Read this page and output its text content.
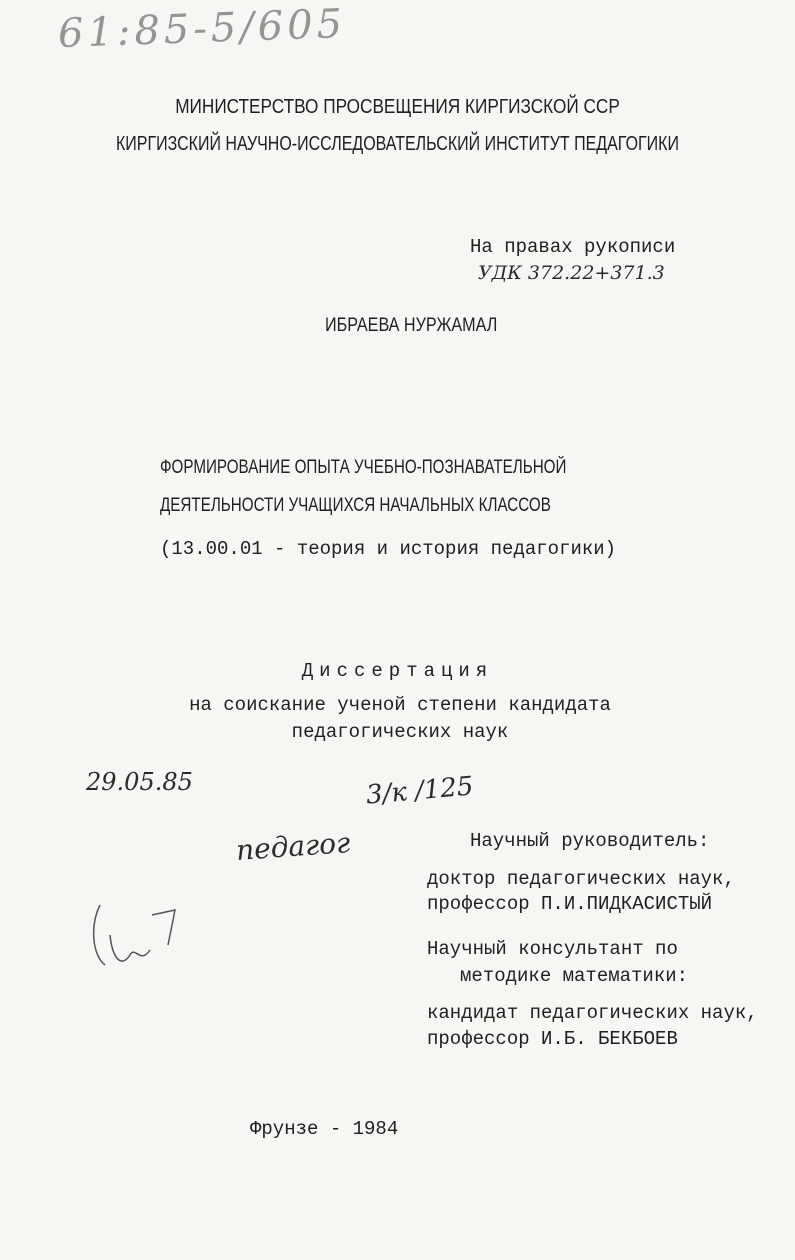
61:85-5/605
29.05.85	3/к /125
педагог
МИНИСТЕРСТВО ПРОСВЕЩЕНИЯ КИРГИЗСКОЙ ССР
КИРГИЗСКИЙ НАУЧНО-ИССЛЕДОВАТЕЛЬСКИЙ ИНСТИТУТ ПЕДАГОГИКИ
На правах рукописи
УДК 372.22+371.3
ИБРАЕВА НУРЖАМАЛ
ФОРМИРОВАНИЕ ОПЫТА УЧЕБНО-ПОЗНАВАТЕЛЬНОЙ
ДЕЯТЕЛЬНОСТИ УЧАЩИХСЯ НАЧАЛЬНЫХ КЛАССОВ
(13.00.01 - теория и история педагогики)
Диссертация
на соискание ученой степени кандидата
педагогических наук
Научный руководитель:
доктор педагогических наук,
профессор П.И.ПИДКАСИСТЫЙ
Научный консультант по
методике математики:
кандидат педагогических наук,
профессор И.Б. БЕКБОЕВ
Фрунзе - 1984
